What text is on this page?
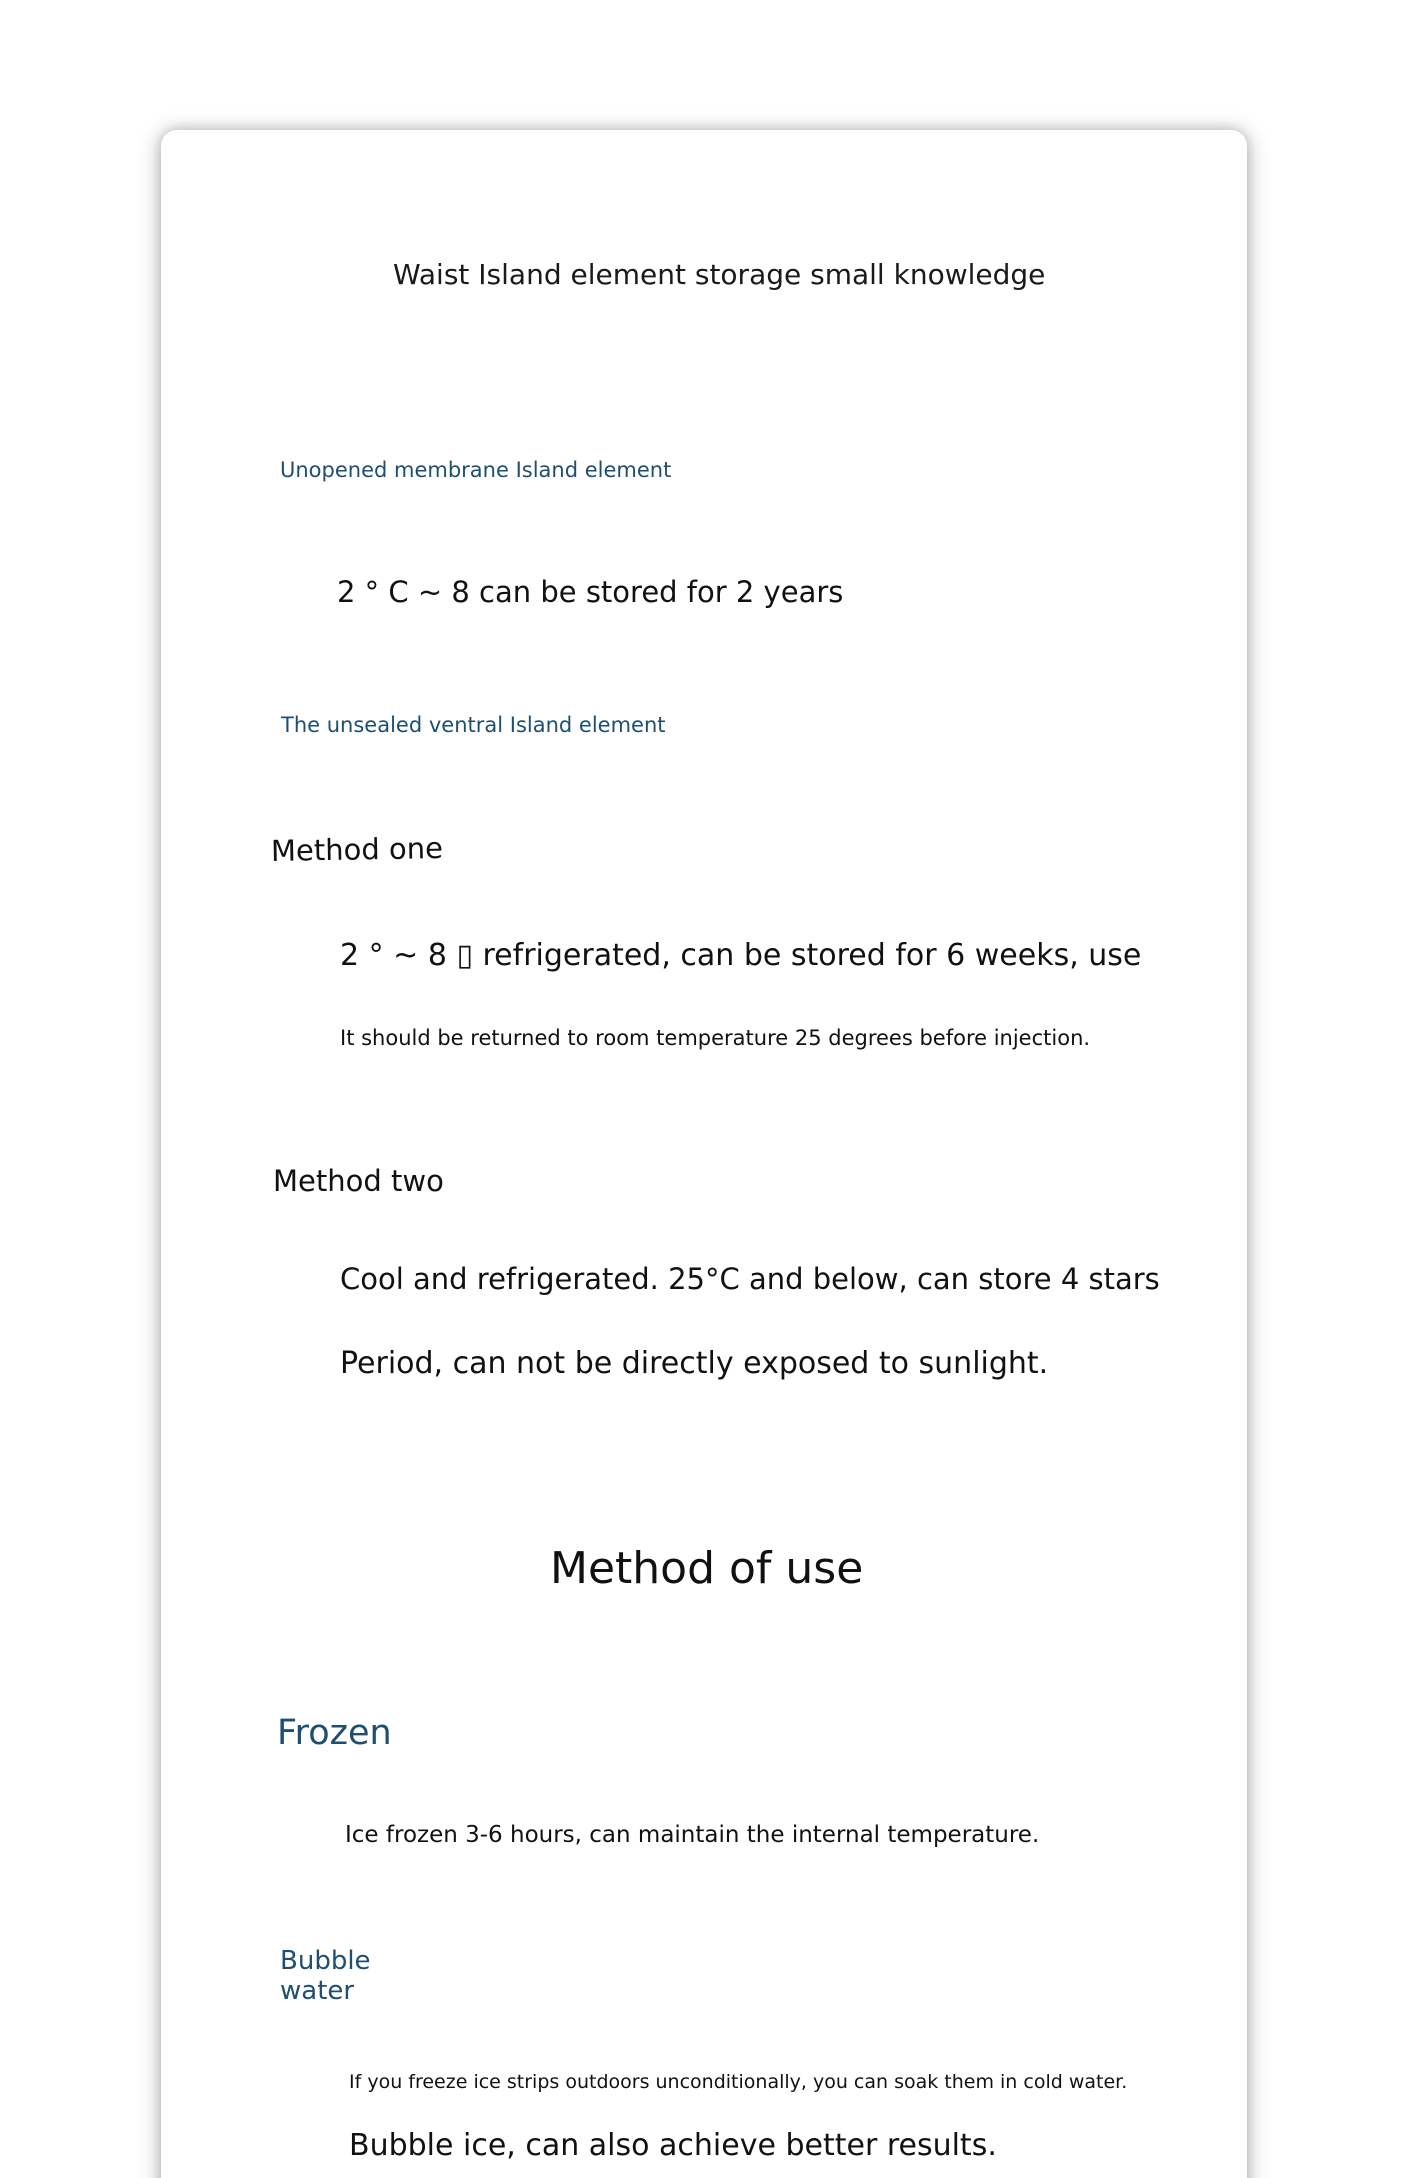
Waist Island element storage small knowledge
Unopened membrane Island element

2 ° C ~ 8 can be stored for 2 years

The unsealed ventral Island element
Method one

2 ° ~ 8 ▯ refrigerated, can be stored for 6 weeks, use

It should be returned to room temperature 25 degrees before injection.

Method two

Cool and refrigerated. 25°C and below, can store 4 stars

Period, can not be directly exposed to sunlight.

Method of use
Frozen

Ice frozen 3-6 hours, can maintain the internal temperature.

Bubble water

If you freeze ice strips outdoors unconditionally, you can soak them in cold water.

Bubble ice, can also achieve better results.
